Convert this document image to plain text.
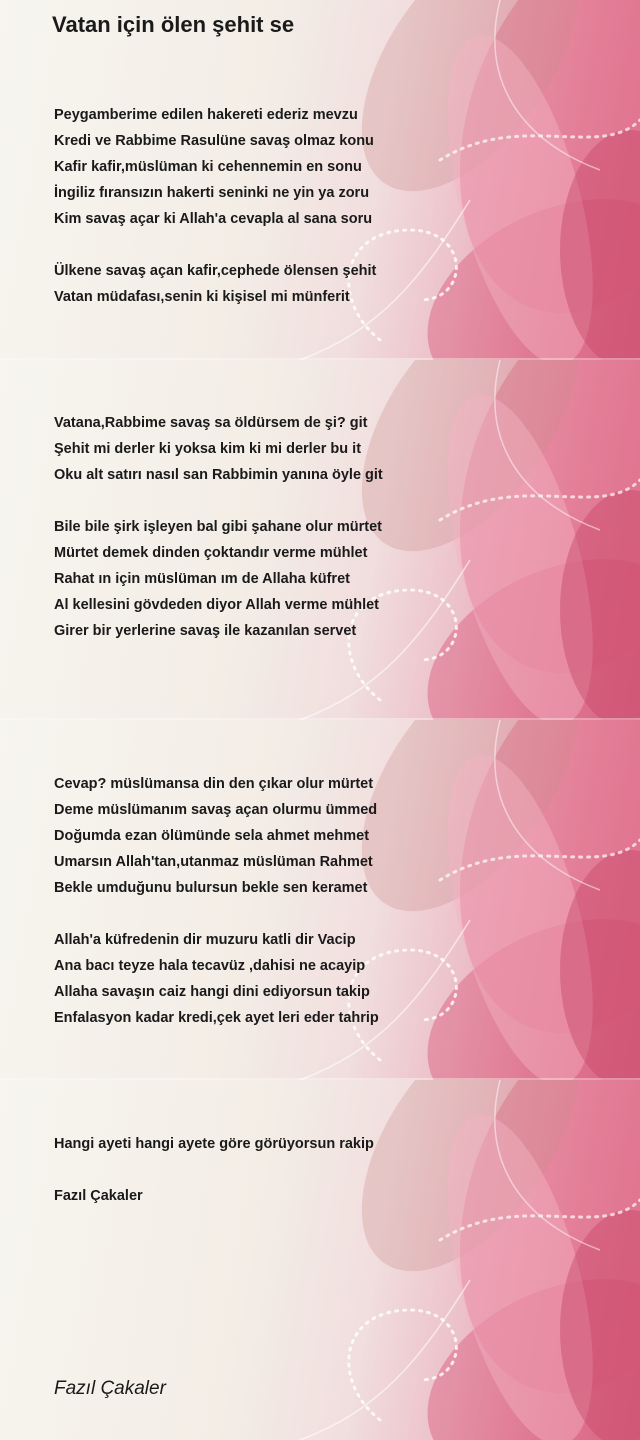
Vatan için ölen şehit se
Peygamberime edilen hakereti ederiz mevzu
Kredi ve Rabbime Rasulüne savaş olmaz konu
Kafir kafir,müslüman ki cehennemin en sonu
İngiliz fıransızın hakerti seninki ne yin ya zoru
Kim savaş açar ki Allah'a cevapla al sana soru
Ülkene savaş açan kafir,cephede ölensen şehit
Vatan müdafası,senin ki kişisel mi münferit
Vatana,Rabbime savaş sa öldürsem de şi? git
Şehit mi derler ki yoksa kim ki mi derler bu it
Oku alt satırı nasıl san Rabbimin yanına öyle git
Bile bile şirk işleyen bal gibi şahane olur mürtet
Mürtet demek dinden çoktandır verme mühlet
Rahat ın için müslüman ım de Allaha küfret
Al kellesini gövdeden diyor Allah verme mühlet
Girer bir yerlerine savaş ile kazanılan servet
Cevap? müslümansa din den çıkar olur mürtet
Deme müslümanım savaş açan olurmu ümmed
Doğumda ezan ölümünde sela ahmet mehmet
Umarsın Allah'tan,utanmaz müslüman Rahmet
Bekle umduğunu bulursun bekle sen keramet
Allah'a küfredenin dir muzuru katli dir Vacip
Ana bacı teyze hala tecavüz ,dahisi ne acayip
Allaha savaşın caiz hangi dini ediyorsun takip
Enfalasyon kadar kredi,çek ayet leri eder tahrip
Hangi ayeti hangi ayete göre görüyorsun rakip
Fazıl Çakaler
Fazıl Çakaler
